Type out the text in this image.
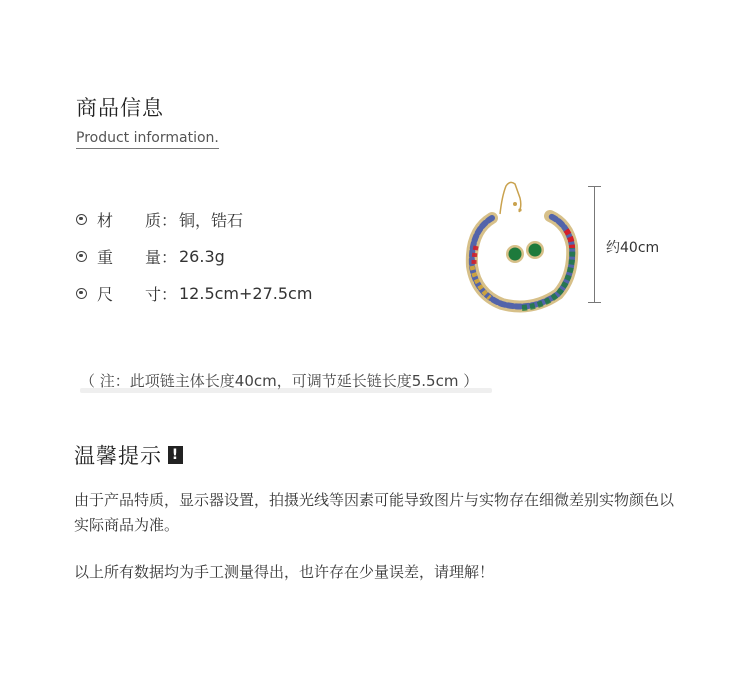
商品信息
Product information.
材　　质： 铜，锆石
重　　量： 26.3g
尺　　寸： 12.5cm+27.5cm
约40cm
（ 注：此项链主体长度40cm，可调节延长链长度5.5cm ）
温馨提示 !
由于产品特质，显示器设置，拍摄光线等因素可能导致图片与实物存在细微差别实物颜色以实际商品为准。
以上所有数据均为手工测量得出，也许存在少量误差，请理解！
